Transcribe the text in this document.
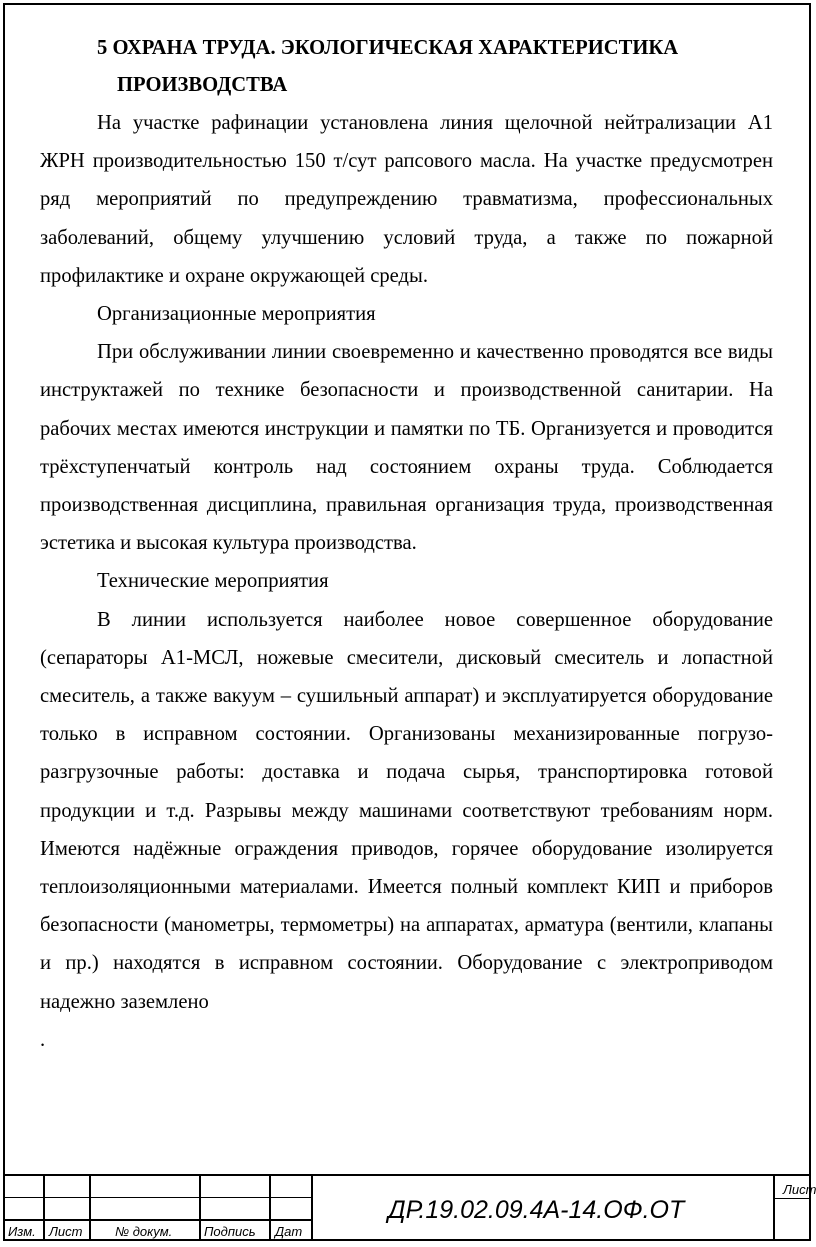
5 ОХРАНА ТРУДА. ЭКОЛОГИЧЕСКАЯ ХАРАКТЕРИСТИКА
ПРОИЗВОДСТВА

На участке рафинации установлена линия щелочной нейтрализации А1 ЖРН производительностью 150 т/сут рапсового масла. На участке предусмотрен ряд мероприятий по предупреждению травматизма, профессиональных заболеваний, общему улучшению условий труда, а также по пожарной профилактике и охране окружающей среды.

Организационные мероприятия

При обслуживании линии своевременно и качественно проводятся все виды инструктажей по технике безопасности и производственной санитарии. На рабочих местах имеются инструкции и памятки по ТБ. Организуется и проводится трёхступенчатый контроль над состоянием охраны труда. Соблюдается производственная дисциплина, правильная организация труда, производственная эстетика и высокая культура производства.

Технические мероприятия

В линии используется наиболее новое совершенное оборудование (сепараторы А1-МСЛ, ножевые смесители, дисковый смеситель и лопастной смеситель, а также вакуум – сушильный аппарат) и эксплуатируется оборудование только в исправном состоянии. Организованы механизированные погрузо-разгрузочные работы: доставка и подача сырья, транспортировка готовой продукции и т.д. Разрывы между машинами соответствуют требованиям норм. Имеются надёжные ограждения приводов, горячее оборудование изолируется теплоизоляционными материалами. Имеется полный комплект КИП и приборов безопасности (манометры, термометры) на аппаратах, арматура (вентили, клапаны и пр.) находятся в исправном состоянии. Оборудование с электроприводом надежно заземлено

.

Изм. Лист	№ докум. Подпись Дат
ДР.19.02.09.4А-14.ОФ.ОТ
Лист
